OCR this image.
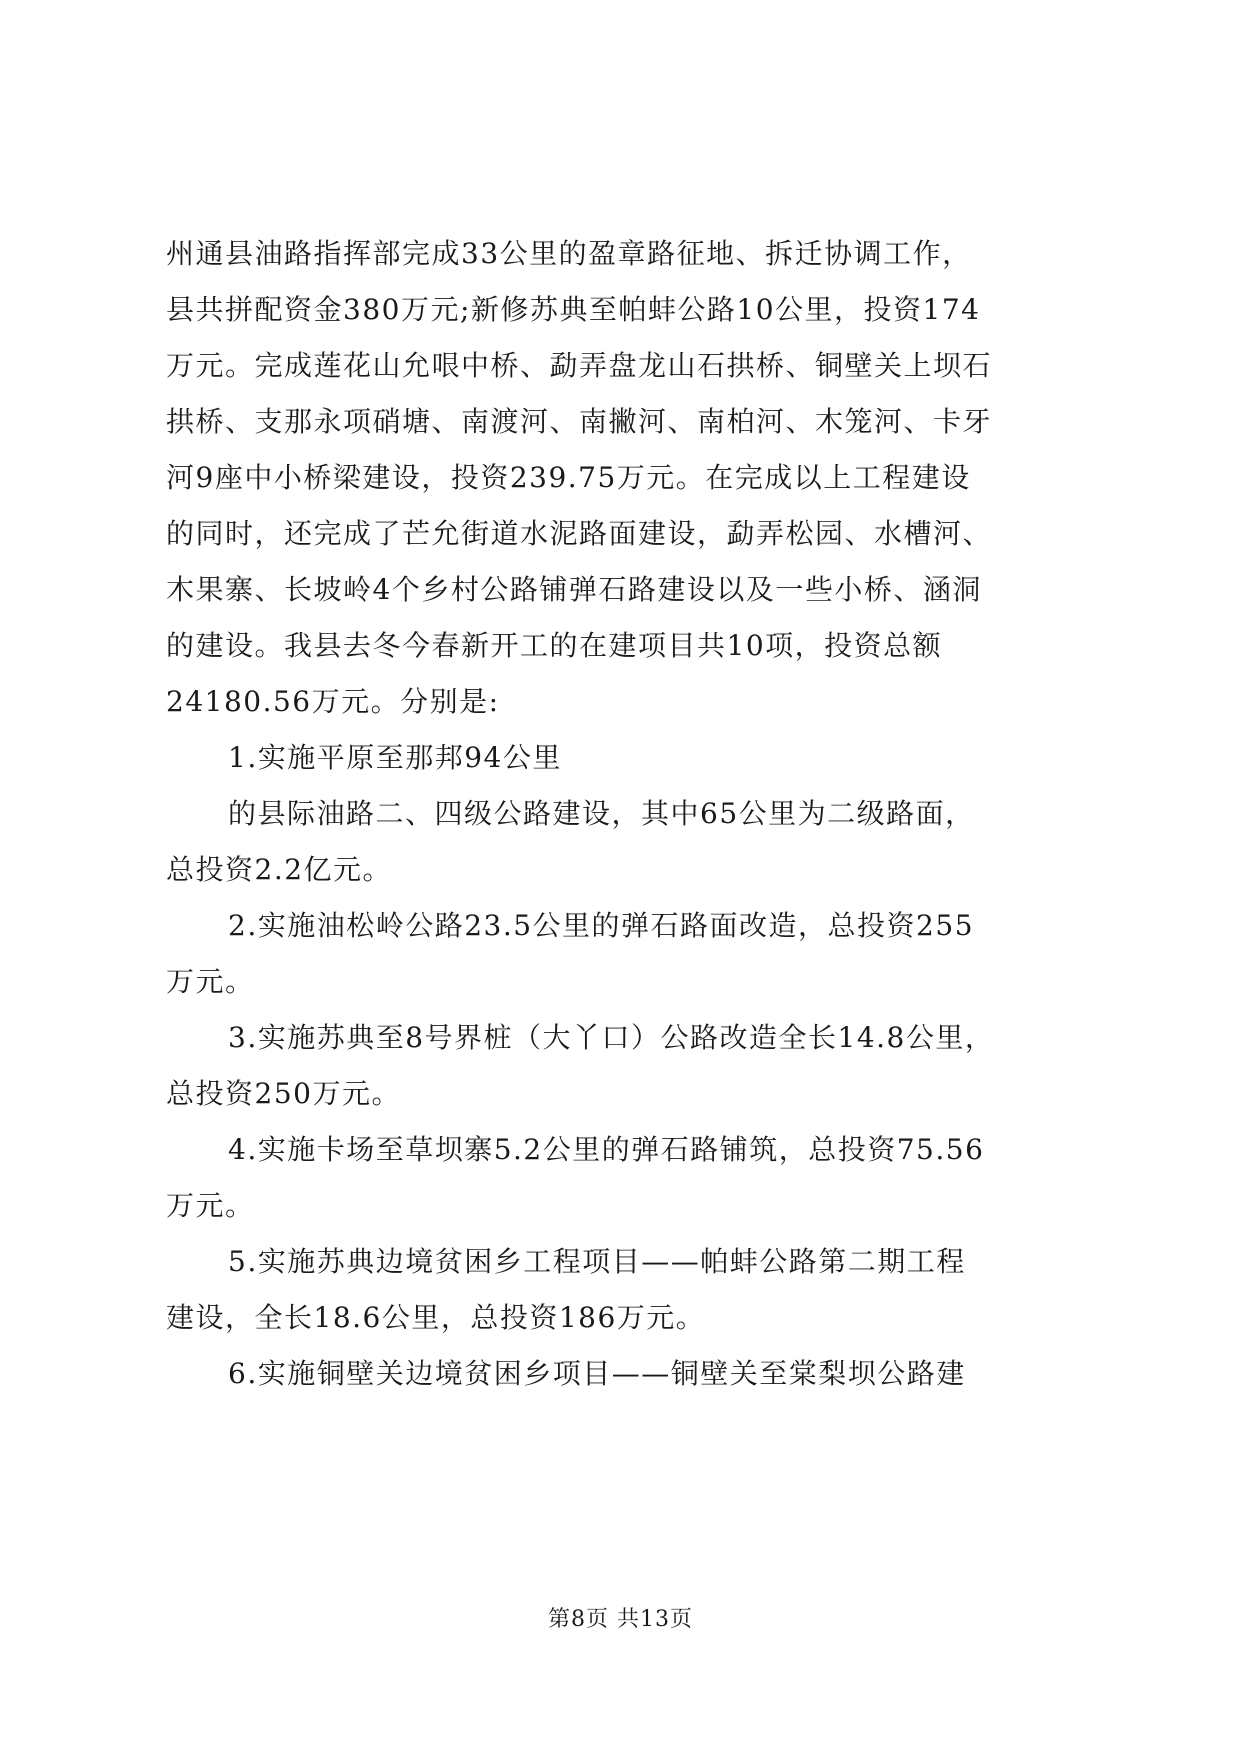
州通县油路指挥部完成33公里的盈章路征地、拆迁协调工作，
县共拼配资金380万元;新修苏典至帕蚌公路10公里，投资174
万元。完成莲花山允哏中桥、勐弄盘龙山石拱桥、铜壁关上坝石
拱桥、支那永项硝塘、南渡河、南撇河、南柏河、木笼河、卡牙
河9座中小桥梁建设，投资239.75万元。在完成以上工程建设
的同时，还完成了芒允街道水泥路面建设，勐弄松园、水槽河、
木果寨、长坡岭4个乡村公路铺弹石路建设以及一些小桥、涵洞
的建设。我县去冬今春新开工的在建项目共10项，投资总额
24180.56万元。分别是:
1.实施平原至那邦94公里
的县际油路二、四级公路建设，其中65公里为二级路面，
总投资2.2亿元。
2.实施油松岭公路23.5公里的弹石路面改造，总投资255
万元。
3.实施苏典至8号界桩（大丫口）公路改造全长14.8公里，
总投资250万元。
4.实施卡场至草坝寨5.2公里的弹石路铺筑，总投资75.56
万元。
5.实施苏典边境贫困乡工程项目——帕蚌公路第二期工程
建设，全长18.6公里，总投资186万元。
6.实施铜壁关边境贫困乡项目——铜壁关至棠梨坝公路建
第8页 共13页
